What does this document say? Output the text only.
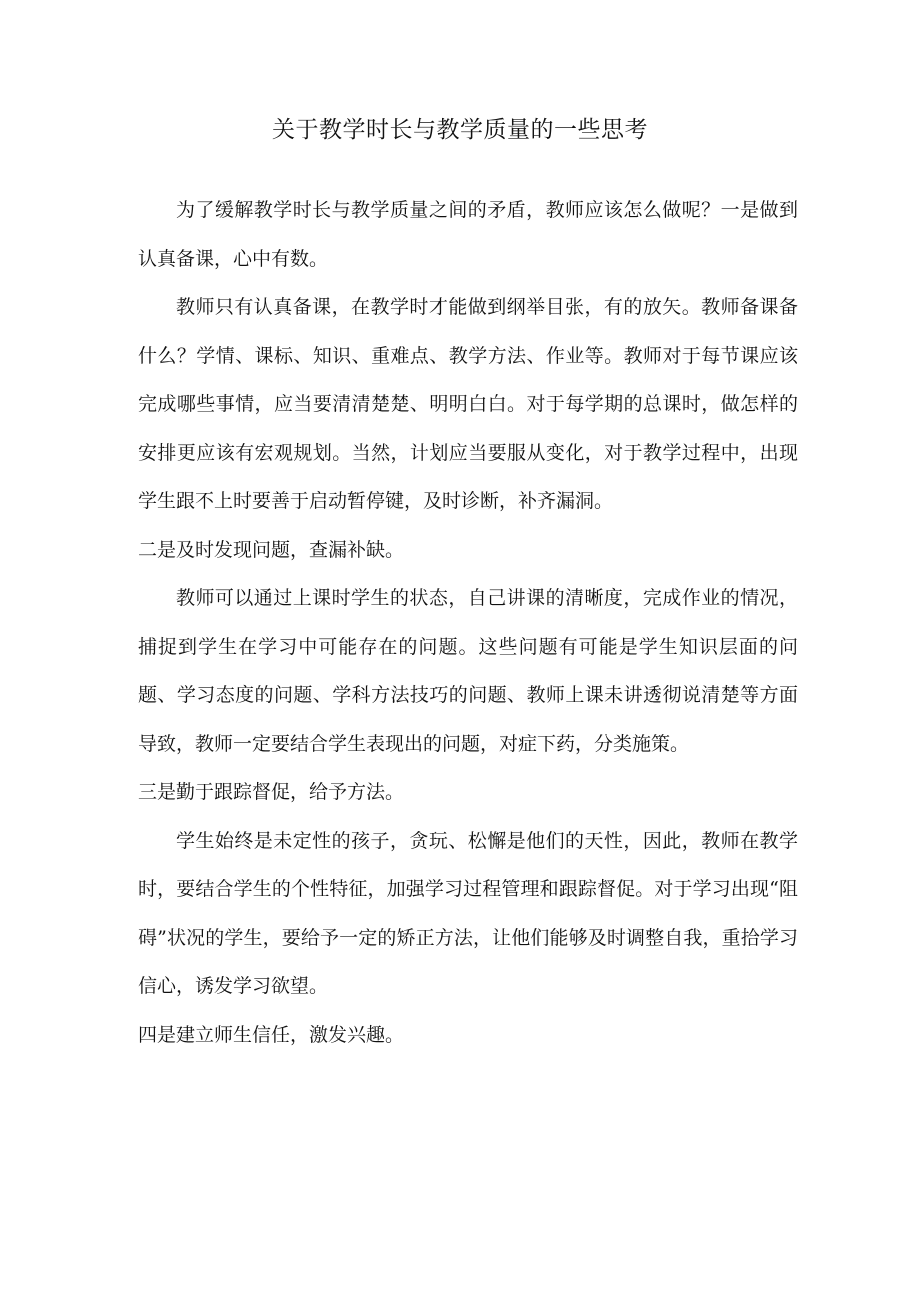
关于教学时长与教学质量的一些思考

为了缓解教学时长与教学质量之间的矛盾，教师应该怎么做呢？一是做到认真备课，心中有数。

教师只有认真备课，在教学时才能做到纲举目张，有的放矢。教师备课备什么？学情、课标、知识、重难点、教学方法、作业等。教师对于每节课应该完成哪些事情，应当要清清楚楚、明明白白。对于每学期的总课时，做怎样的安排更应该有宏观规划。当然，计划应当要服从变化，对于教学过程中，出现学生跟不上时要善于启动暂停键，及时诊断，补齐漏洞。

二是及时发现问题，查漏补缺。

教师可以通过上课时学生的状态，自己讲课的清晰度，完成作业的情况，捕捉到学生在学习中可能存在的问题。这些问题有可能是学生知识层面的问题、学习态度的问题、学科方法技巧的问题、教师上课未讲透彻说清楚等方面导致，教师一定要结合学生表现出的问题，对症下药，分类施策。

三是勤于跟踪督促，给予方法。

学生始终是未定性的孩子，贪玩、松懈是他们的天性，因此，教师在教学时，要结合学生的个性特征，加强学习过程管理和跟踪督促。对于学习出现“阻碍”状况的学生，要给予一定的矫正方法，让他们能够及时调整自我，重拾学习信心，诱发学习欲望。

四是建立师生信任，激发兴趣。
